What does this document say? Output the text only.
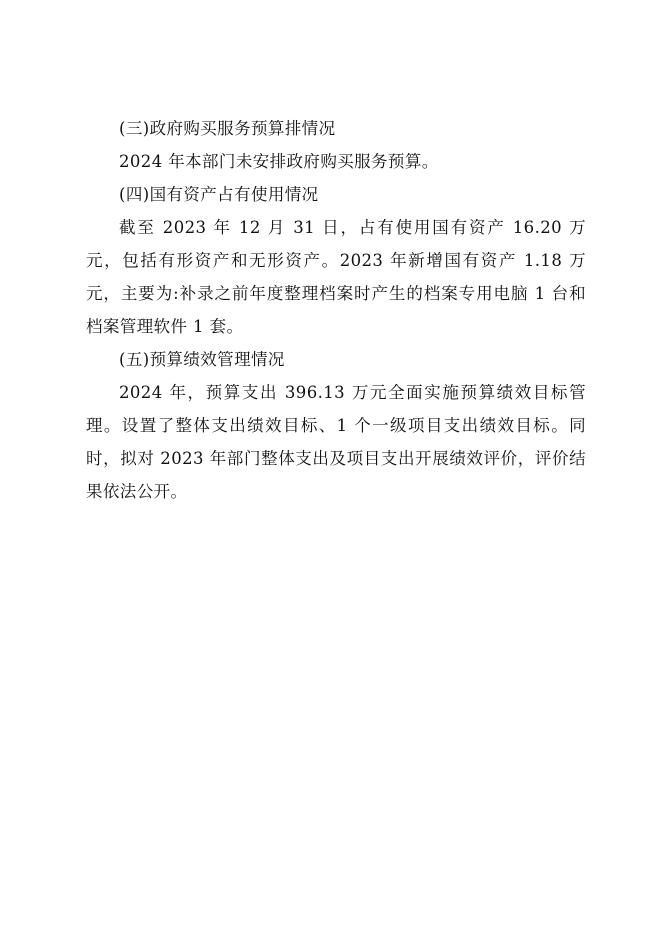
(三)政府购买服务预算排情况

2024 年本部门未安排政府购买服务预算。

(四)国有资产占有使用情况

截至 2023 年 12 月 31 日，占有使用国有资产 16.20 万元，包括有形资产和无形资产。2023 年新增国有资产 1.18 万元，主要为:补录之前年度整理档案时产生的档案专用电脑 1 台和档案管理软件 1 套。

(五)预算绩效管理情况

2024 年，预算支出 396.13 万元全面实施预算绩效目标管理。设置了整体支出绩效目标、1 个一级项目支出绩效目标。同时，拟对 2023 年部门整体支出及项目支出开展绩效评价，评价结果依法公开。
